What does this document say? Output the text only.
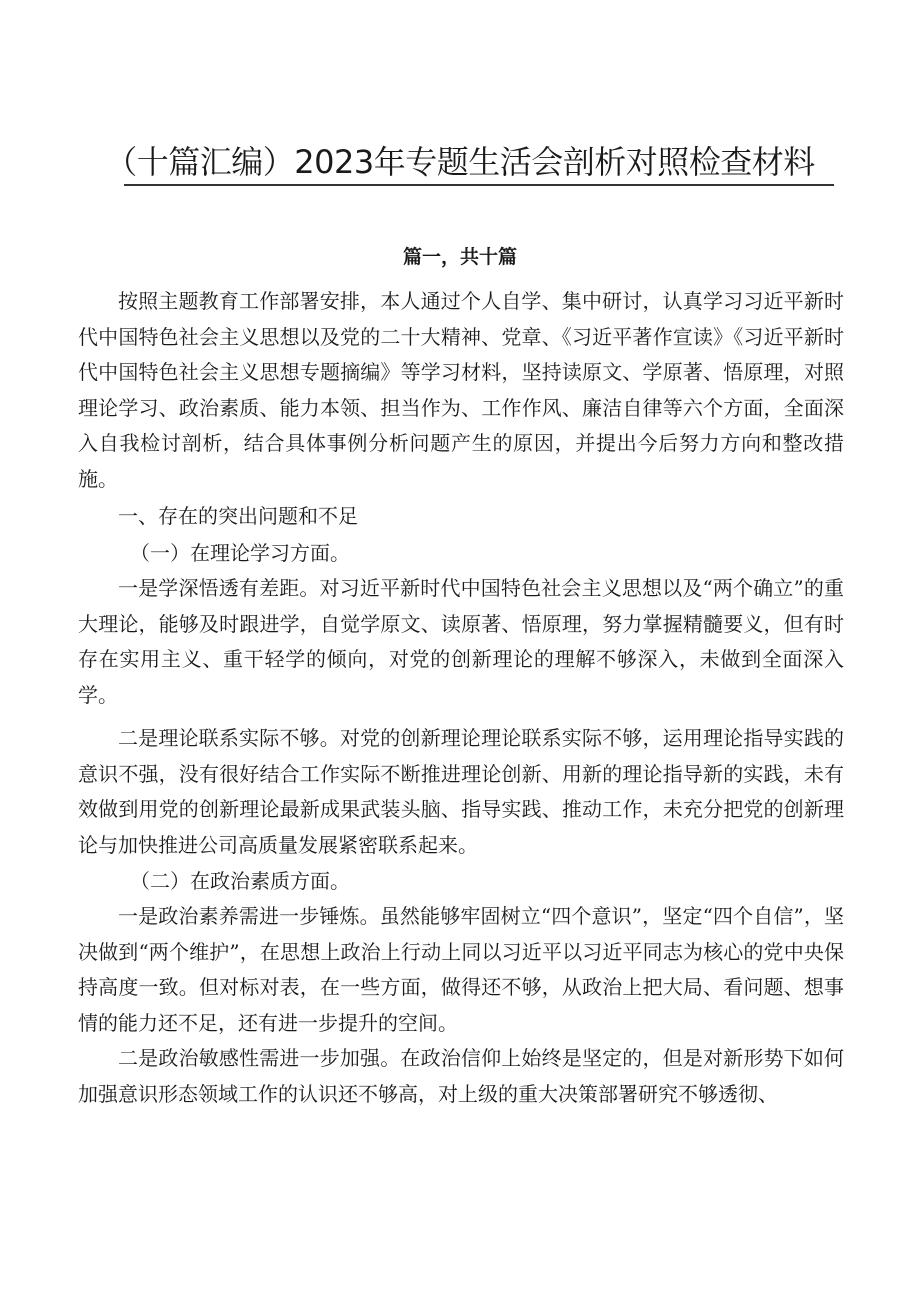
（十篇汇编）2023年专题生活会剖析对照检查材料
篇一，共十篇

按照主题教育工作部署安排，本人通过个人自学、集中研讨，认真学习习近平新时代中国特色社会主义思想以及党的二十大精神、党章、《习近平著作宣读》《习近平新时代中国特色社会主义思想专题摘编》等学习材料，坚持读原文、学原著、悟原理，对照理论学习、政治素质、能力本领、担当作为、工作作风、廉洁自律等六个方面，全面深入自我检讨剖析，结合具体事例分析问题产生的原因，并提出今后努力方向和整改措施。

一、存在的突出问题和不足

（一）在理论学习方面。

一是学深悟透有差距。对习近平新时代中国特色社会主义思想以及“两个确立”的重大理论，能够及时跟进学，自觉学原文、读原著、悟原理，努力掌握精髓要义，但有时存在实用主义、重干轻学的倾向，对党的创新理论的理解不够深入，未做到全面深入学。

二是理论联系实际不够。对党的创新理论理论联系实际不够，运用理论指导实践的意识不强，没有很好结合工作实际不断推进理论创新、用新的理论指导新的实践，未有效做到用党的创新理论最新成果武装头脑、指导实践、推动工作，未充分把党的创新理论与加快推进公司高质量发展紧密联系起来。

（二）在政治素质方面。

一是政治素养需进一步锤炼。虽然能够牢固树立“四个意识”，坚定“四个自信”，坚决做到“两个维护”，在思想上政治上行动上同以习近平以习近平同志为核心的党中央保持高度一致。但对标对表，在一些方面，做得还不够，从政治上把大局、看问题、想事情的能力还不足，还有进一步提升的空间。

二是政治敏感性需进一步加强。在政治信仰上始终是坚定的，但是对新形势下如何加强意识形态领域工作的认识还不够高，对上级的重大决策部署研究不够透彻、
